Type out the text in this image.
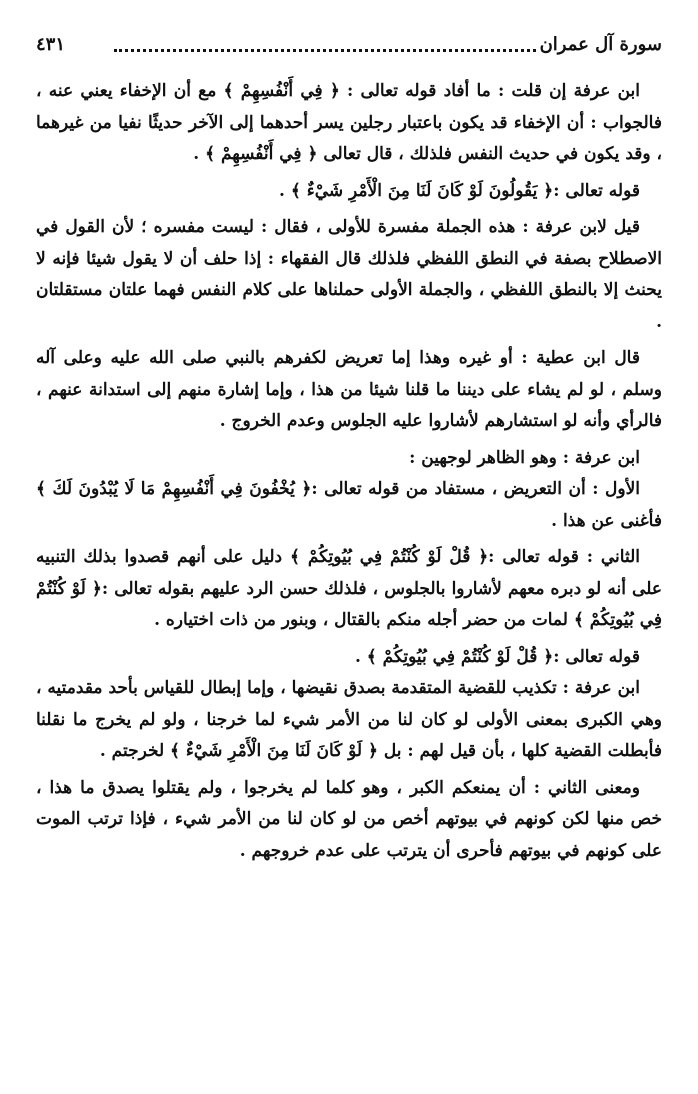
سورة آل عمران
٤٣١

ابن عرفة إن قلت : ما أفاد قوله تعالى : ﴿ فِي أَنْفُسِهِمْ ﴾ مع أن الإخفاء يعني عنه ، فالجواب : أن الإخفاء قد يكون باعتبار رجلين يسر أحدهما إلى الآخر حديثًا نفيا من غيرهما ، وقد يكون في حديث النفس فلذلك ، قال تعالى ﴿ فِي أَنْفُسِهِمْ ﴾ .

قوله تعالى :﴿ يَقُولُونَ لَوْ كَانَ لَنَا مِنَ الْأَمْرِ شَيْءٌ ﴾ .

قيل لابن عرفة : هذه الجملة مفسرة للأولى ، فقال : ليست مفسره ؛ لأن القول في الاصطلاح بصفة في النطق اللفظي فلذلك قال الفقهاء : إذا حلف أن لا يقول شيئا فإنه لا يحنث إلا بالنطق اللفظي ، والجملة الأولى حملناها على كلام النفس فهما علتان مستقلتان .

قال ابن عطية : أو غيره وهذا إما تعريض لكفرهم بالنبي صلى الله عليه وعلى آله وسلم ، لو لم يشاء على ديننا ما قلنا شيئا من هذا ، وإما إشارة منهم إلى استدانة عنهم ، فالرأي وأنه لو استشارهم لأشاروا عليه الجلوس وعدم الخروج .

ابن عرفة : وهو الظاهر لوجهين :

الأول : أن التعريض ، مستفاد من قوله تعالى :﴿ يُخْفُونَ فِي أَنْفُسِهِمْ مَا لَا يُبْدُونَ لَكَ ﴾ فأغنى عن هذا .

الثاني : قوله تعالى :﴿ قُلْ لَوْ كُنْتُمْ فِي بُيُوتِكُمْ ﴾ دليل على أنهم قصدوا بذلك التنبيه على أنه لو دبره معهم لأشاروا بالجلوس ، فلذلك حسن الرد عليهم بقوله تعالى :﴿ لَوْ كُنْتُمْ فِي بُيُوتِكُمْ ﴾ لمات من حضر أجله منكم بالقتال ، وبنور من ذات اختياره .

قوله تعالى :﴿ قُلْ لَوْ كُنْتُمْ فِي بُيُوتِكُمْ ﴾ .

ابن عرفة : تكذيب للقضية المتقدمة بصدق نقيضها ، وإما إبطال للقياس بأحد مقدمتيه ، وهي الكبرى بمعنى الأولى لو كان لنا من الأمر شيء لما خرجنا ، ولو لم يخرج ما نقلنا فأبطلت القضية كلها ، بأن قيل لهم : بل ﴿ لَوْ كَانَ لَنَا مِنَ الْأَمْرِ شَيْءٌ ﴾ لخرجتم .

ومعنى الثاني : أن يمنعكم الكبر ، وهو كلما لم يخرجوا ، ولم يقتلوا يصدق ما هذا ، خص منها لكن كونهم في بيوتهم أخص من لو كان لنا من الأمر شيء ، فإذا ترتب الموت على كونهم في بيوتهم فأحرى أن يترتب على عدم خروجهم .
